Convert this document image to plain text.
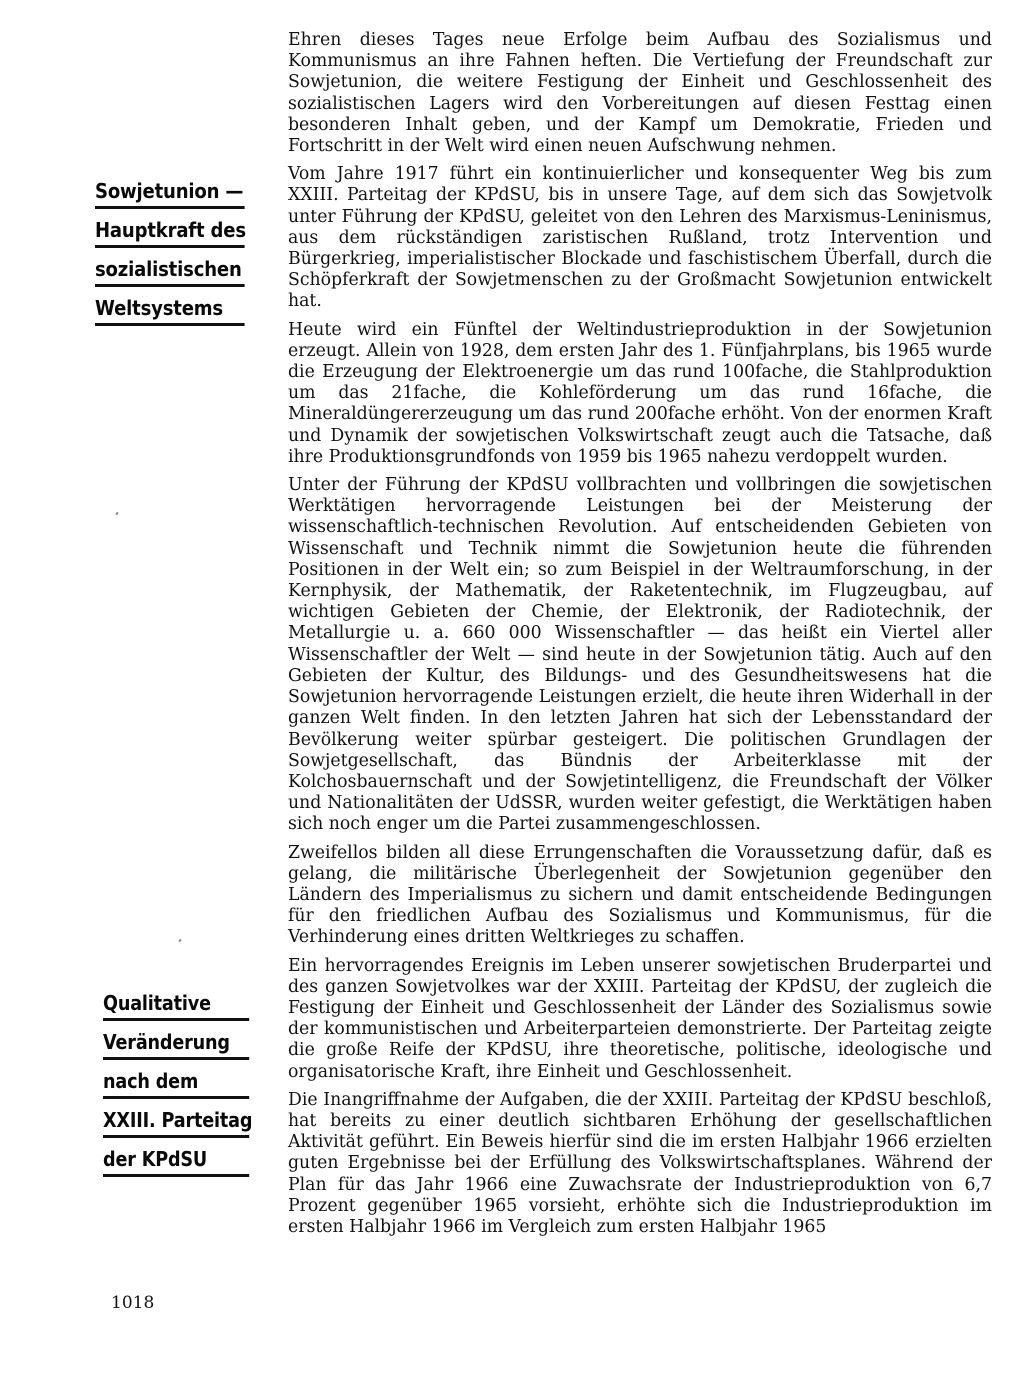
Sowjetunion —
Hauptkraft des
sozialistischen
Weltsystems
Qualitative
Veränderung
nach dem
XXIII. Parteitag
der KPdSU

Ehren dieses Tages neue Erfolge beim Aufbau des Sozialismus und Kommunismus an ihre Fahnen heften. Die Vertiefung der Freundschaft zur Sowjetunion, die weitere Festigung der Einheit und Geschlossenheit des sozialistischen Lagers wird den Vorbereitungen auf diesen Festtag einen besonderen Inhalt geben, und der Kampf um Demokratie, Frieden und Fortschritt in der Welt wird einen neuen Aufschwung nehmen.

Vom Jahre 1917 führt ein kontinuierlicher und konsequenter Weg bis zum XXIII. Parteitag der KPdSU, bis in unsere Tage, auf dem sich das Sowjetvolk unter Führung der KPdSU, geleitet von den Lehren des Marxismus-Leninismus, aus dem rückständigen zaristischen Rußland, trotz Intervention und Bürgerkrieg, imperialistischer Blockade und faschistischem Überfall, durch die Schöpferkraft der Sowjetmenschen zu der Großmacht Sowjetunion entwickelt hat.

Heute wird ein Fünftel der Weltindustrieproduktion in der Sowjetunion erzeugt. Allein von 1928, dem ersten Jahr des 1. Fünfjahrplans, bis 1965 wurde die Erzeugung der Elektroenergie um das rund 100fache, die Stahlproduktion um das 21fache, die Kohleförderung um das rund 16fache, die Mineraldüngererzeugung um das rund 200fache erhöht. Von der enormen Kraft und Dynamik der sowjetischen Volkswirtschaft zeugt auch die Tatsache, daß ihre Produktionsgrundfonds von 1959 bis 1965 nahezu verdoppelt wurden.

Unter der Führung der KPdSU vollbrachten und vollbringen die sowjetischen Werktätigen hervorragende Leistungen bei der Meisterung der wissenschaftlich-technischen Revolution. Auf entscheidenden Gebieten von Wissenschaft und Technik nimmt die Sowjetunion heute die führenden Positionen in der Welt ein; so zum Beispiel in der Weltraumforschung, in der Kernphysik, der Mathematik, der Raketentechnik, im Flugzeugbau, auf wichtigen Gebieten der Chemie, der Elektronik, der Radiotechnik, der Metallurgie u. a. 660 000 Wissenschaftler — das heißt ein Viertel aller Wissenschaftler der Welt — sind heute in der Sowjetunion tätig. Auch auf den Gebieten der Kultur, des Bildungs- und des Gesundheitswesens hat die Sowjetunion hervorragende Leistungen erzielt, die heute ihren Widerhall in der ganzen Welt finden. In den letzten Jahren hat sich der Lebensstandard der Bevölkerung weiter spürbar gesteigert. Die politischen Grundlagen der Sowjetgesellschaft, das Bündnis der Arbeiterklasse mit der Kolchosbauernschaft und der Sowjetintelligenz, die Freundschaft der Völker und Nationalitäten der UdSSR, wurden weiter gefestigt, die Werktätigen haben sich noch enger um die Partei zusammengeschlossen.

Zweifellos bilden all diese Errungenschaften die Voraussetzung dafür, daß es gelang, die militärische Überlegenheit der Sowjetunion gegenüber den Ländern des Imperialismus zu sichern und damit entscheidende Bedingungen für den friedlichen Aufbau des Sozialismus und Kommunismus, für die Verhinderung eines dritten Weltkrieges zu schaffen.

Ein hervorragendes Ereignis im Leben unserer sowjetischen Bruderpartei und des ganzen Sowjetvolkes war der XXIII. Parteitag der KPdSU, der zugleich die Festigung der Einheit und Geschlossenheit der Länder des Sozialismus sowie der kommunistischen und Arbeiterparteien demonstrierte. Der Parteitag zeigte die große Reife der KPdSU, ihre theoretische, politische, ideologische und organisatorische Kraft, ihre Einheit und Geschlossenheit.

Die Inangriffnahme der Aufgaben, die der XXIII. Parteitag der KPdSU beschloß, hat bereits zu einer deutlich sichtbaren Erhöhung der gesellschaftlichen Aktivität geführt. Ein Beweis hierfür sind die im ersten Halbjahr 1966 erzielten guten Ergebnisse bei der Erfüllung des Volkswirtschaftsplanes. Während der Plan für das Jahr 1966 eine Zuwachsrate der Industrieproduktion von 6,7 Prozent gegenüber 1965 vorsieht, erhöhte sich die Industrieproduktion im ersten Halbjahr 1966 im Vergleich zum ersten Halbjahr 1965

1018
